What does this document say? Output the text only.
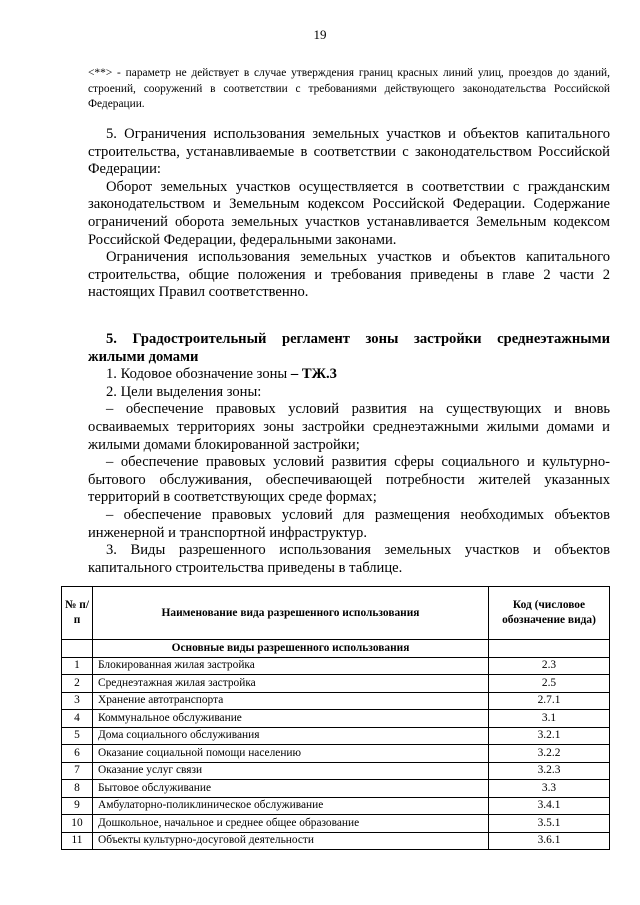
19
<**> - параметр не действует в случае утверждения границ красных линий улиц, проездов до зданий, строений, сооружений в соответствии с требованиями действующего законодательства Российской Федерации.

5. Ограничения использования земельных участков и объектов капитального строительства, устанавливаемые в соответствии с законодательством Российской Федерации:

Оборот земельных участков осуществляется в соответствии с гражданским законодательством и Земельным кодексом Российской Федерации. Содержание ограничений оборота земельных участков устанавливается Земельным кодексом Российской Федерации, федеральными законами.

Ограничения использования земельных участков и объектов капитального строительства, общие положения и требования приведены в главе 2 части 2 настоящих Правил соответственно.

5. Градостроительный регламент зоны застройки среднеэтажными жилыми домами

1. Кодовое обозначение зоны – ТЖ.3

2. Цели выделения зоны:

– обеспечение правовых условий развития на существующих и вновь осваиваемых территориях зоны застройки среднеэтажными жилыми домами и жилыми домами блокированной застройки;

– обеспечение правовых условий развития сферы социального и культурно-бытового обслуживания, обеспечивающей потребности жителей указанных территорий в соответствующих среде формах;

– обеспечение правовых условий для размещения необходимых объектов инженерной и транспортной инфраструктур.

3. Виды разрешенного использования земельных участков и объектов капитального строительства приведены в таблице.

№ п/п	Наименование вида разрешенного использования	Код (числовое обозначение вида)
	Основные виды разрешенного использования	
1	Блокированная жилая застройка	2.3
2	Среднеэтажная жилая застройка	2.5
3	Хранение автотранспорта	2.7.1
4	Коммунальное обслуживание	3.1
5	Дома социального обслуживания	3.2.1
6	Оказание социальной помощи населению	3.2.2
7	Оказание услуг связи	3.2.3
8	Бытовое обслуживание	3.3
9	Амбулаторно-поликлиническое обслуживание	3.4.1
10	Дошкольное, начальное и среднее общее образование	3.5.1
11	Объекты культурно-досуговой деятельности	3.6.1
